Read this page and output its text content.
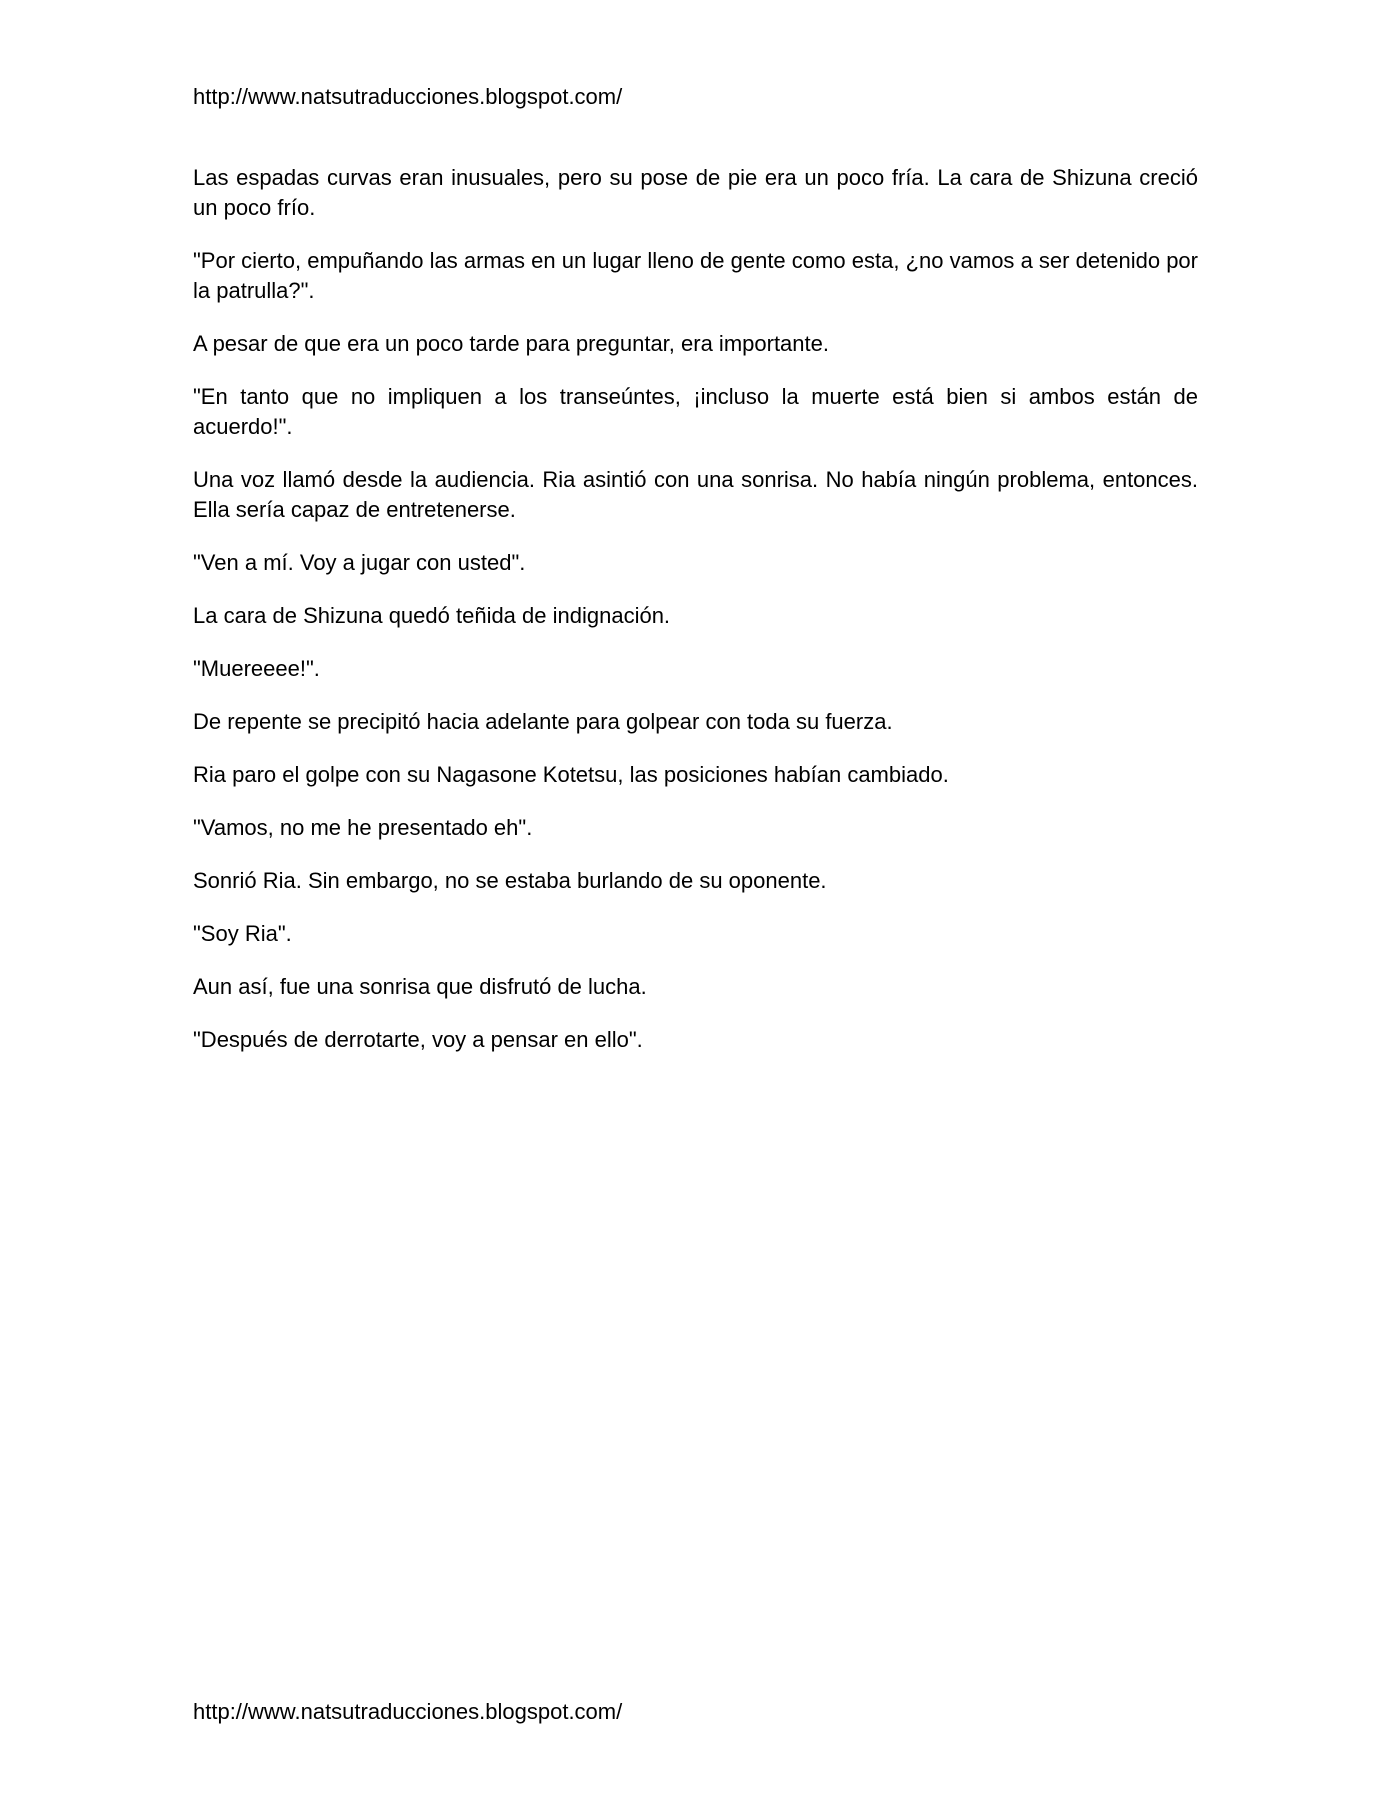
http://www.natsutraducciones.blogspot.com/

Las espadas curvas eran inusuales, pero su pose de pie era un poco fría. La cara de Shizuna creció un poco frío.

"Por cierto, empuñando las armas en un lugar lleno de gente como esta, ¿no vamos a ser detenido por la patrulla?".

A pesar de que era un poco tarde para preguntar, era importante.

"En tanto que no impliquen a los transeúntes, ¡incluso la muerte está bien si ambos están de acuerdo!".

Una voz llamó desde la audiencia. Ria asintió con una sonrisa. No había ningún problema, entonces. Ella sería capaz de entretenerse.

"Ven a mí. Voy a jugar con usted".

La cara de Shizuna quedó teñida de indignación.

"Muereeee!".

De repente se precipitó hacia adelante para golpear con toda su fuerza.

Ria paro el golpe con su Nagasone Kotetsu, las posiciones habían cambiado.

"Vamos, no me he presentado eh".

Sonrió Ria. Sin embargo, no se estaba burlando de su oponente.

"Soy Ria".

Aun así, fue una sonrisa que disfrutó de lucha.

"Después de derrotarte, voy a pensar en ello".

http://www.natsutraducciones.blogspot.com/
